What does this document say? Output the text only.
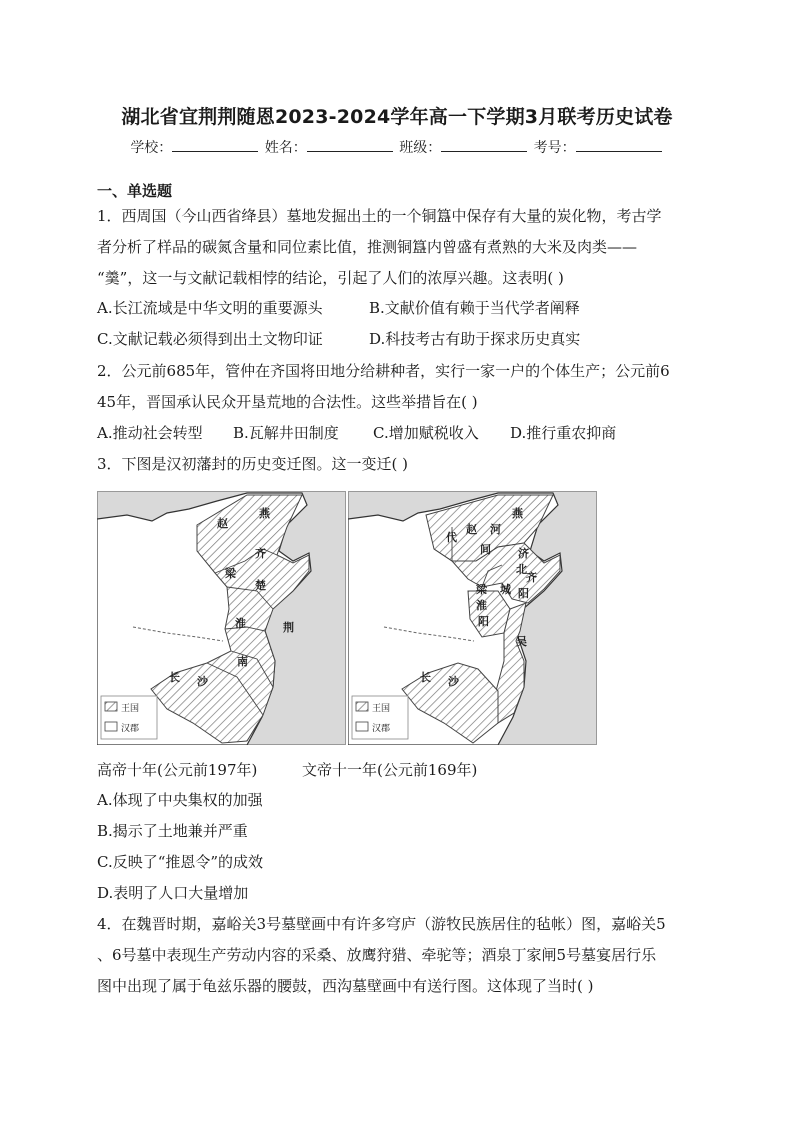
湖北省宜荆荆随恩2023-2024学年高一下学期3月联考历史试卷
学校：	姓名：	班级：	考号：
一、单选题
1．西周国（今山西省绛县）墓地发掘出土的一个铜簋中保存有大量的炭化物，考古学
者分析了样品的碳氮含量和同位素比值，推测铜簋内曾盛有煮熟的大米及肉类——
“羹”，这一与文献记载相悖的结论，引起了人们的浓厚兴趣。这表明( )
A.长江流域是中华文明的重要源头	B.文献价值有赖于当代学者阐释
C.文献记载必须得到出土文物印证	D.科技考古有助于探求历史真实
2．公元前685年，管仲在齐国将田地分给耕种者，实行一家一户的个体生产；公元前6
45年，晋国承认民众开垦荒地的合法性。这些举措旨在( )
A.推动社会转型 B.瓦解井田制度 C.增加赋税收入 D.推行重农抑商
3．下图是汉初藩封的历史变迁图。这一变迁( )
王国
汉郡
燕
赵
齐
梁
楚
淮	荆
南
长 沙
王国
汉郡
燕
代
赵 河
间 济
北
齐
梁 城 阳
淮
阳
吴
长 沙
高帝十年(公元前197年)	文帝十一年(公元前169年)
A.体现了中央集权的加强
B.揭示了土地兼并严重
C.反映了“推恩令”的成效
D.表明了人口大量增加
4．在魏晋时期，嘉峪关3号墓壁画中有许多穹庐（游牧民族居住的毡帐）图，嘉峪关5
、6号墓中表现生产劳动内容的采桑、放鹰狩猎、牵驼等；酒泉丁家闸5号墓宴居行乐
图中出现了属于龟兹乐器的腰鼓，西沟墓壁画中有送行图。这体现了当时( )
